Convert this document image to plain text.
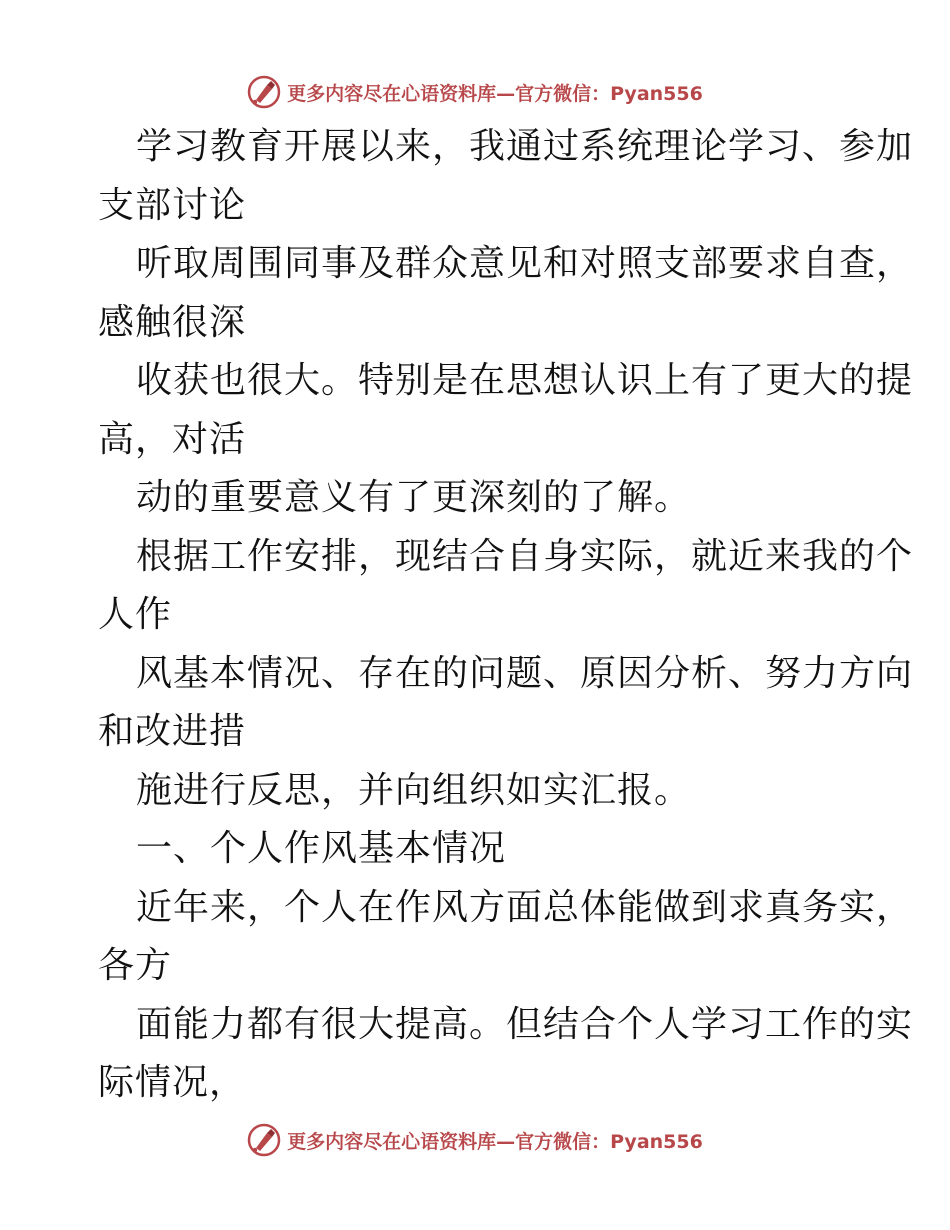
更多内容尽在心语资料库—官方微信：Pyan556
学习教育开展以来，我通过系统理论学习、参加
支部讨论
听取周围同事及群众意见和对照支部要求自查，
感触很深
收获也很大。特别是在思想认识上有了更大的提
高，对活
动的重要意义有了更深刻的了解。
根据工作安排，现结合自身实际，就近来我的个
人作
风基本情况、存在的问题、原因分析、努力方向
和改进措
施进行反思，并向组织如实汇报。
一、个人作风基本情况
近年来，个人在作风方面总体能做到求真务实，
各方
面能力都有很大提高。但结合个人学习工作的实
际情况，
更多内容尽在心语资料库—官方微信：Pyan556
